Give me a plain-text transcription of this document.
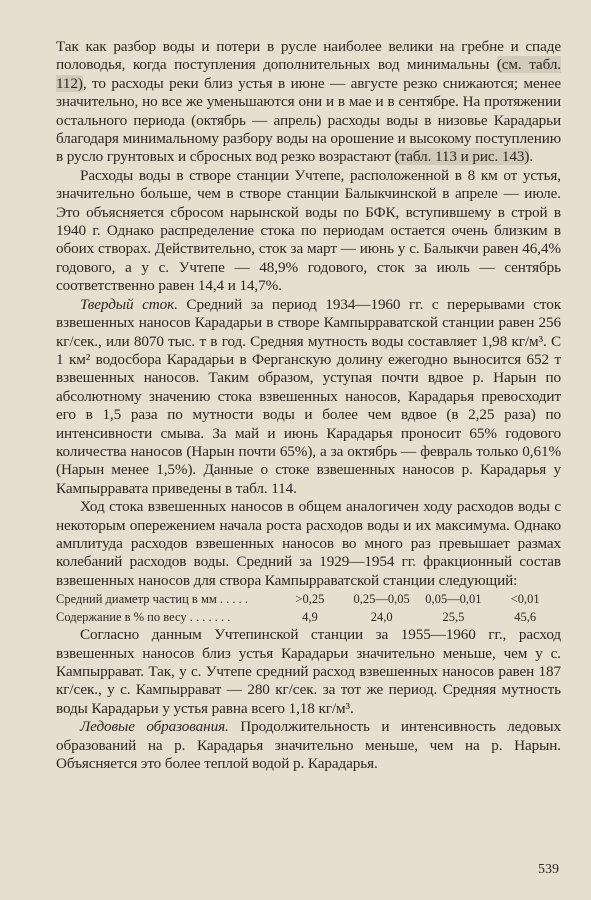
Так как разбор воды и потери в русле наиболее велики на гребне и спаде половодья, когда поступления дополнительных вод минимальны (см. табл. 112), то расходы реки близ устья в июне — августе резко снижаются; менее значительно, но все же уменьшаются они и в мае и в сентябре. На протяжении остального периода (октябрь — апрель) расходы воды в низовье Карадарьи благодаря минимальному разбору воды на орошение и высокому поступлению в русло грунтовых и сбросных вод резко возрастают (табл. 113 и рис. 143).

Расходы воды в створе станции Учтепе, расположенной в 8 км от устья, значительно больше, чем в створе станции Балыкчинской в апреле — июле. Это объясняется сбросом нарынской воды по БФК, вступившему в строй в 1940 г. Однако распределение стока по периодам остается очень близким в обоих створах. Действительно, сток за март — июнь у с. Балыкчи равен 46,4% годового, а у с. Учтепе — 48,9% годового, сток за июль — сентябрь соответственно равен 14,4 и 14,7%.

Твердый сток. Средний за период 1934—1960 гг. с перерывами сток взвешенных наносов Карадарьи в створе Кампырраватской станции равен 256 кг/сек., или 8070 тыс. т в год. Средняя мутность воды составляет 1,98 кг/м³. С 1 км² водосбора Карадарьи в Ферганскую долину ежегодно выносится 652 т взвешенных наносов. Таким образом, уступая почти вдвое р. Нарын по абсолютному значению стока взвешенных наносов, Карадарья превосходит его в 1,5 раза по мутности воды и более чем вдвое (в 2,25 раза) по интенсивности смыва. За май и июнь Карадарья проносит 65% годового количества наносов (Нарын почти 65%), а за октябрь — февраль только 0,61% (Нарын менее 1,5%). Данные о стоке взвешенных наносов р. Карадарья у Кампырравата приведены в табл. 114.

Ход стока взвешенных наносов в общем аналогичен ходу расходов воды с некоторым опережением начала роста расходов воды и их максимума. Однако амплитуда расходов взвешенных наносов во много раз превышает размах колебаний расходов воды. Средний за 1929—1954 гг. фракционный состав взвешенных наносов для створа Кампырраватской станции следующий:

Средний диаметр частиц в мм . . . . .	>0,25	0,25—0,05	0,05—0,01	<0,01
Содержание в % по весу . . . . . . .	4,9	24,0	25,5	45,6

Согласно данным Учтепинской станции за 1955—1960 гг., расход взвешенных наносов близ устья Карадарьи значительно меньше, чем у с. Кампыррават. Так, у с. Учтепе средний расход взвешенных наносов равен 187 кг/сек., у с. Кампыррават — 280 кг/сек. за тот же период. Средняя мутность воды Карадарьи у устья равна всего 1,18 кг/м³.

Ледовые образования. Продолжительность и интенсивность ледовых образований на р. Карадарья значительно меньше, чем на р. Нарын. Объясняется это более теплой водой р. Карадарья.

539
